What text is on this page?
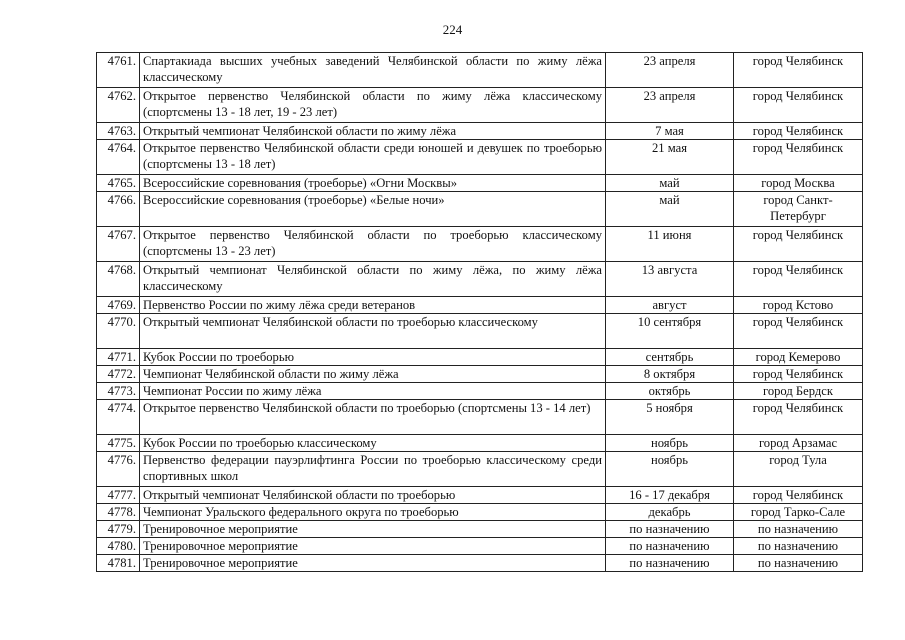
224
4761.	Спартакиада высших учебных заведений Челябинской области по жиму лёжа классическому	23 апреля	город Челябинск
4762.	Открытое первенство Челябинской области по жиму лёжа классическому (спортсмены 13 - 18 лет, 19 - 23 лет)	23 апреля	город Челябинск
4763.	Открытый чемпионат Челябинской области по жиму лёжа	7 мая	город Челябинск
4764.	Открытое первенство Челябинской области среди юношей и девушек по троеборью (спортсмены 13 - 18 лет)	21 мая	город Челябинск
4765.	Всероссийские соревнования (троеборье) «Огни Москвы»	май	город Москва
4766.	Всероссийские соревнования (троеборье) «Белые ночи»	май	город Санкт-Петербург
4767.	Открытое первенство Челябинской области по троеборью классическому (спортсмены 13 - 23 лет)	11 июня	город Челябинск
4768.	Открытый чемпионат Челябинской области по жиму лёжа, по жиму лёжа классическому	13 августа	город Челябинск
4769.	Первенство России по жиму лёжа среди ветеранов	август	город Кстово
4770.	Открытый чемпионат Челябинской области по троеборью классическому	10 сентября	город Челябинск
4771.	Кубок России по троеборью	сентябрь	город Кемерово
4772.	Чемпионат Челябинской области по жиму лёжа	8 октября	город Челябинск
4773.	Чемпионат России по жиму лёжа	октябрь	город Бердск
4774.	Открытое первенство Челябинской области по троеборью (спортсмены 13 - 14 лет)	5 ноября	город Челябинск
4775.	Кубок России по троеборью классическому	ноябрь	город Арзамас
4776.	Первенство федерации пауэрлифтинга России по троеборью классическому среди спортивных школ	ноябрь	город Тула
4777.	Открытый чемпионат Челябинской области по троеборью	16 - 17 декабря	город Челябинск
4778.	Чемпионат Уральского федерального округа по троеборью	декабрь	город Тарко-Сале
4779.	Тренировочное мероприятие	по назначению	по назначению
4780.	Тренировочное мероприятие	по назначению	по назначению
4781.	Тренировочное мероприятие	по назначению	по назначению
